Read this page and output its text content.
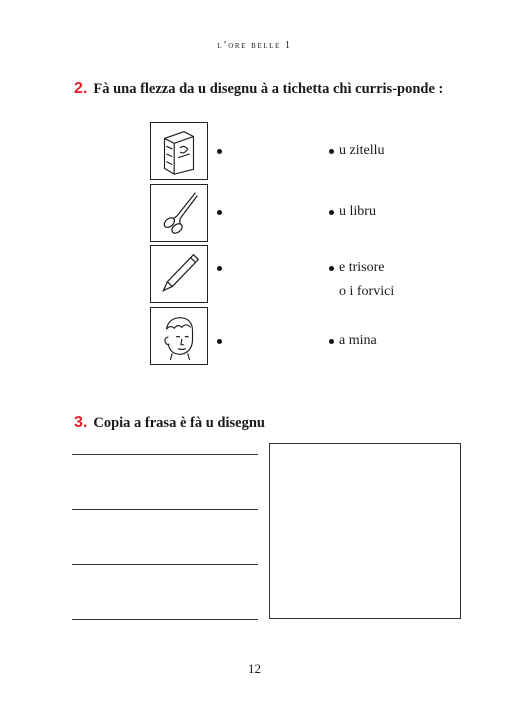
l’ore belle 1
2. Fà una flezza da u disegnu à a tichetta chì curris-ponde :
u zitellu
u libru
e trisore
o i forvici
a mina
3. Copia a frasa è fà u disegnu
12
